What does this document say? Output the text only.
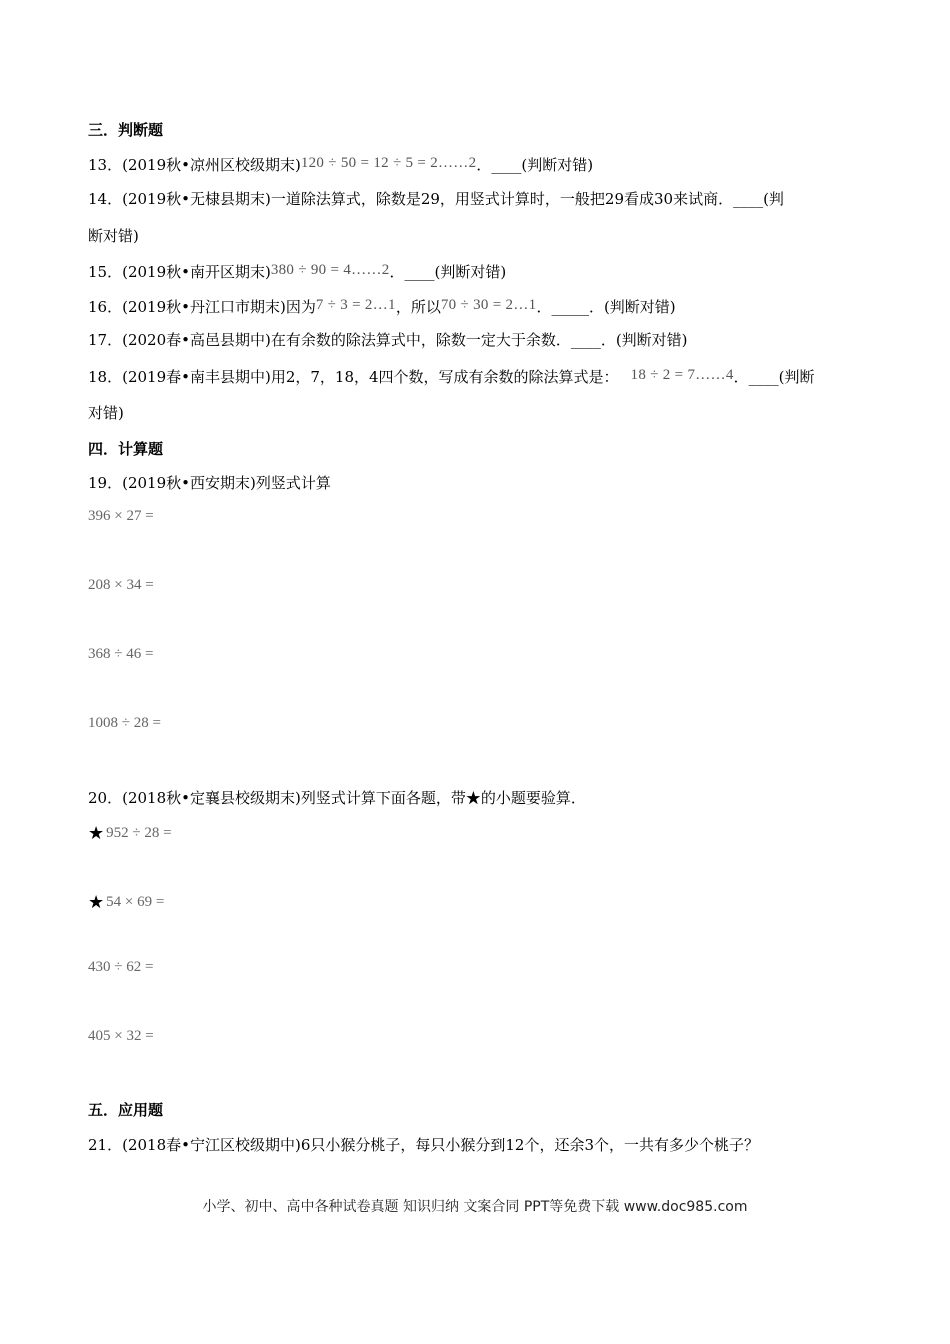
三．判断题
13．(2019秋•凉州区校级期末)120 ÷ 50 = 12 ÷ 5 = 2……2．____(判断对错)
14．(2019秋•无棣县期末)一道除法算式，除数是29，用竖式计算时，一般把29看成30来试商．____(判
断对错)
15．(2019秋•南开区期末)380 ÷ 90 = 4……2．____(判断对错)
16．(2019秋•丹江口市期末)因为7 ÷ 3 = 2…1，所以70 ÷ 30 = 2…1．_____．(判断对错)
17．(2020春•高邑县期中)在有余数的除法算式中，除数一定大于余数．____．(判断对错)
18．(2019春•南丰县期中)用2，7，18，4四个数，写成有余数的除法算式是： 18 ÷ 2 = 7……4．____(判断
对错)
四．计算题
19．(2019秋•西安期末)列竖式计算
396 × 27 =
208 × 34 =
368 ÷ 46 =
1008 ÷ 28 =
20．(2018秋•定襄县校级期末)列竖式计算下面各题，带★的小题要验算．
★ 952 ÷ 28 =
★ 54 × 69 =
430 ÷ 62 =
405 × 32 =
五．应用题
21．(2018春•宁江区校级期中)6只小猴分桃子，每只小猴分到12个，还余3个，一共有多少个桃子？
小学、初中、高中各种试卷真题 知识归纳 文案合同 PPT等免费下载 www.doc985.com
